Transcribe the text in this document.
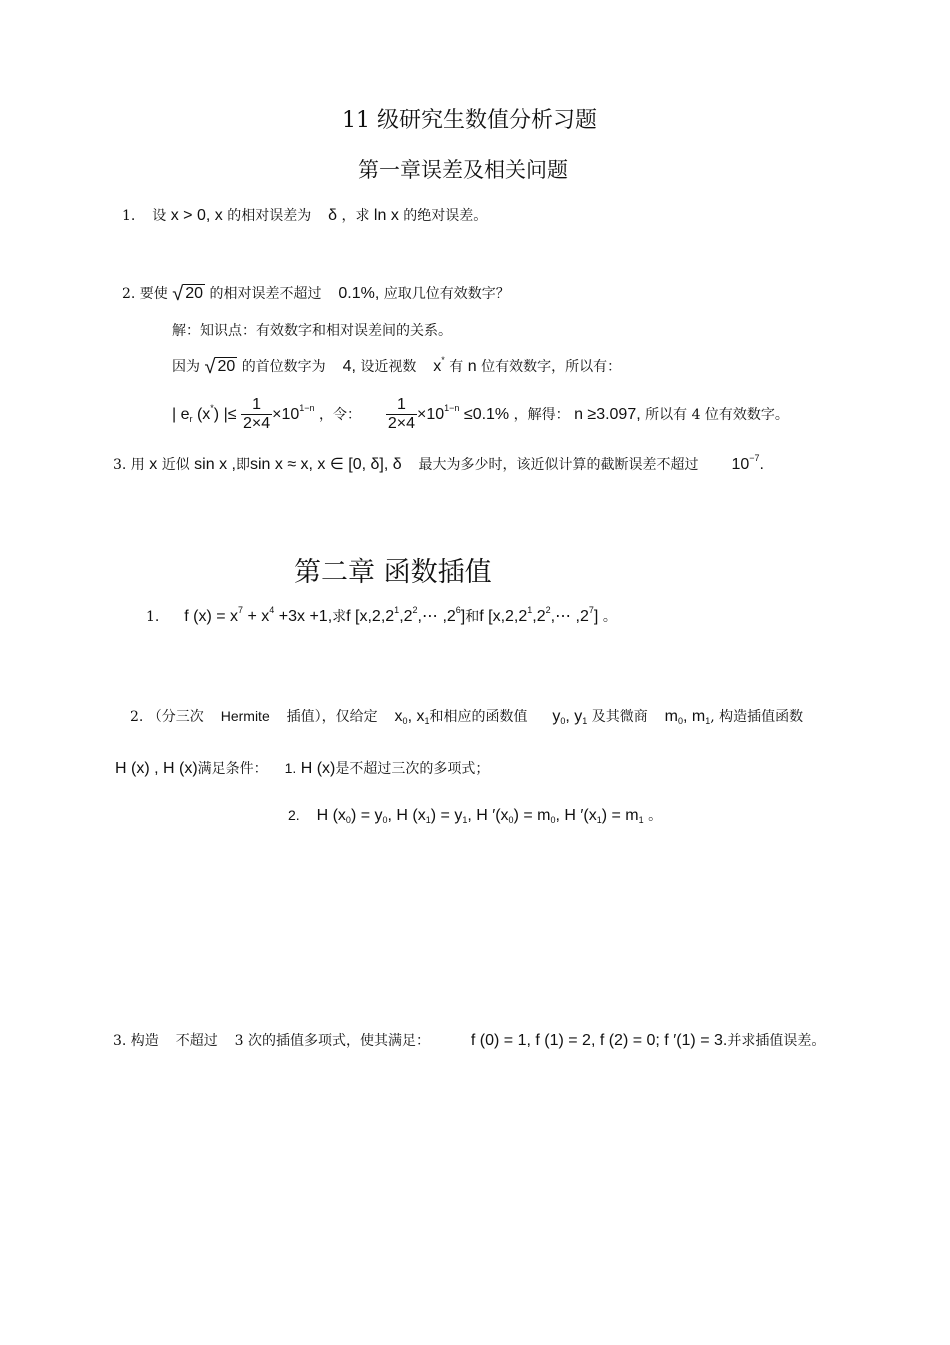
11 级研究生数值分析习题
第一章误差及相关问题
1. 设 x > 0, x 的相对误差为 δ ，求 ln x 的绝对误差。
2. 要使 √ 20 的相对误差不超过 0.1%, 应取几位有效数字？
解：知识点：有效数字和相对误差间的关系。
因为 √ 20 的首位数字为 4, 设近视数 x* 有 n 位有效数字，所以有：
| $e_r$ (x*) |≤ $\frac{1}{2\times 4} \times 10^{1-n}$ ，令： $\frac{1}{2\times 4} \times 10^{1-n} \le 0.1\%$ ，解得： n ≥3.097, 所以有 4 位有效数字。
3. 用 x 近似 sin x ,即sin x ≈ x, x ∈ [0, δ], δ 最大为多少时，该近似计算的截断误差不超过 $10^{-7}$.
第二章 函数插值
1. f $(x) = x^7 + x^4 +3x +1$,求f [$x,2,2^1,2^2,\cdots$ $,2^6$]和f [$x,2,2^1,2^2,\cdots$ $,2^7$] 。
2. （分三次 Hermite 插值），仅给定 $x_0$, $x_1$和相应的函数值 $y_0$, $y_1$ 及其微商 $m_0$, $m_1$, 构造插值函数
H (x) , H (x)满足条件： 1. H (x)是不超过三次的多项式；
2. H $(x_0) = y_0$, H $(x_1) = y_1$, H $'(x_0) = m_0$, H $'(x_1) = m_1$ 。
3. 构造 不超过 3 次的插值多项式，使其满足：	f (0) = 1, f (1) = 2, f (2) = 0; f ′(1) = 3.并求插值误差。
